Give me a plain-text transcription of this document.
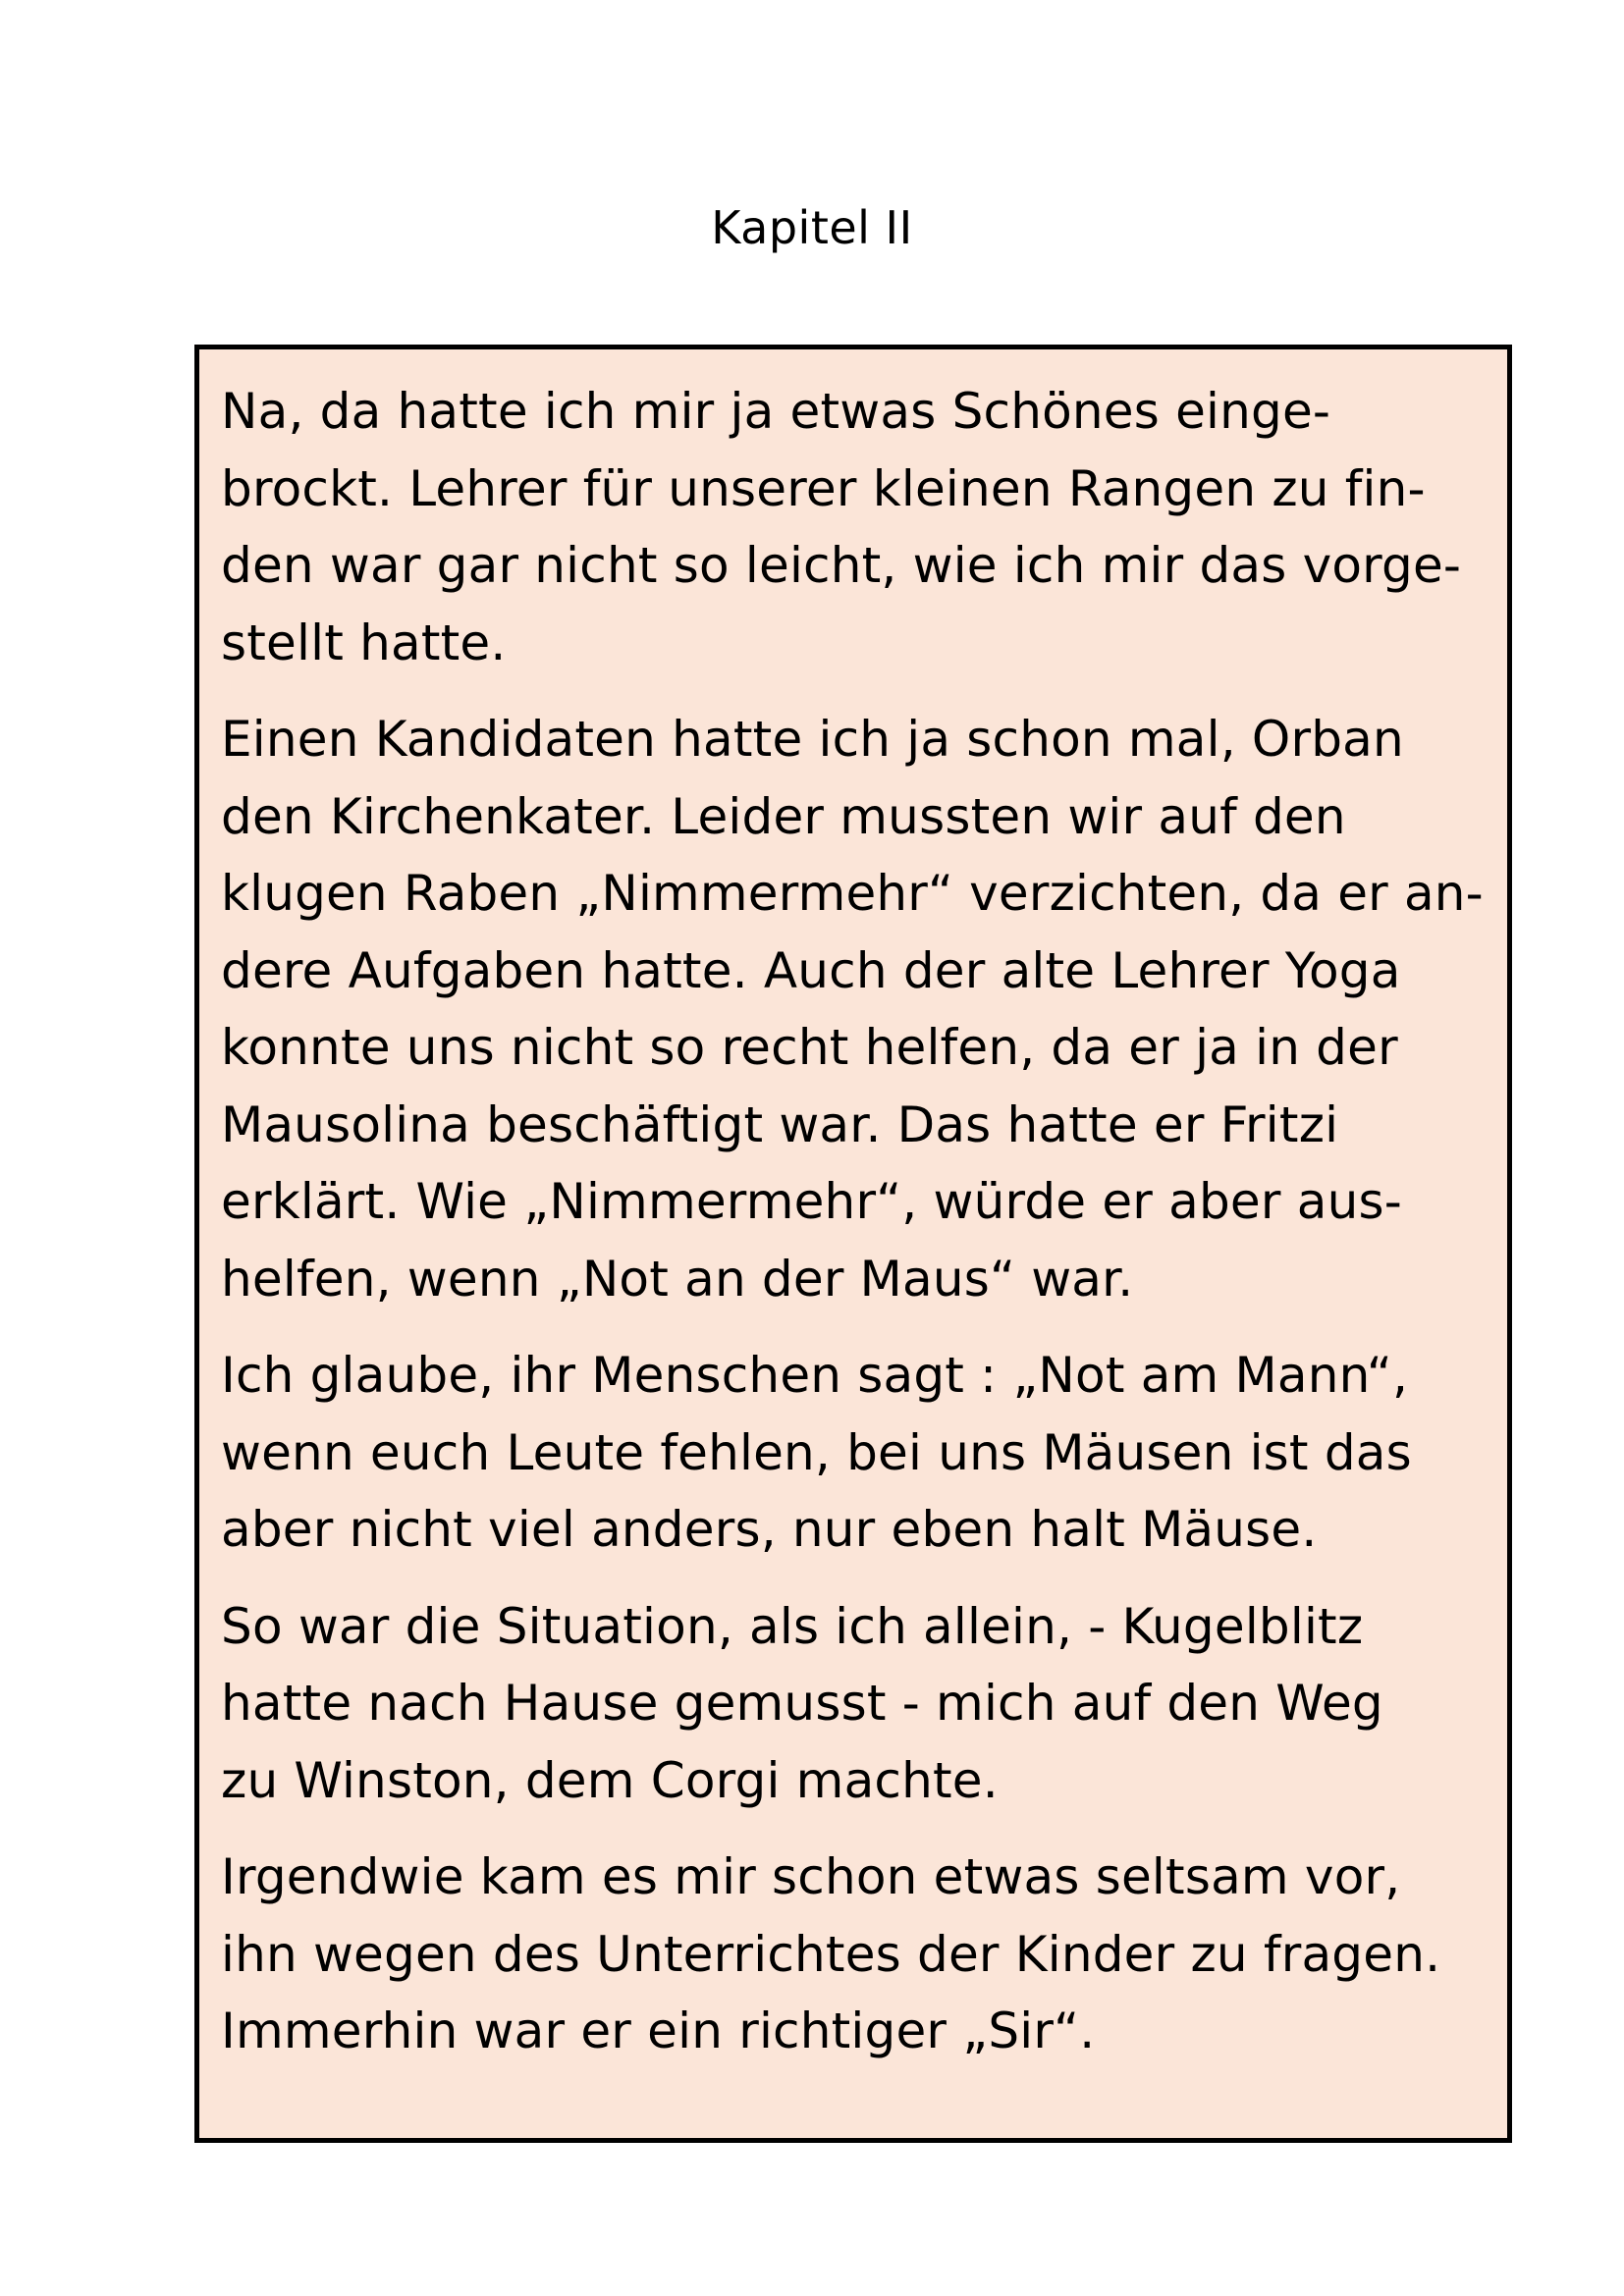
Kapitel II

Na, da hatte ich mir ja etwas Schönes einge-
brockt. Lehrer für unserer kleinen Rangen zu fin-
den war gar nicht so leicht, wie ich mir das vorge-
stellt hatte.

Einen Kandidaten hatte ich ja schon mal, Orban
den Kirchenkater. Leider mussten wir auf den
klugen Raben „Nimmermehr“ verzichten, da er an-
dere Aufgaben hatte. Auch der alte Lehrer Yoga
konnte uns nicht so recht helfen, da er ja in der
Mausolina beschäftigt war. Das hatte er Fritzi
erklärt. Wie „Nimmermehr“, würde er aber aus-
helfen, wenn „Not an der Maus“ war.

Ich glaube, ihr Menschen sagt : „Not am Mann“,
wenn euch Leute fehlen, bei uns Mäusen ist das
aber nicht viel anders, nur eben halt Mäuse.

So war die Situation, als ich allein, - Kugelblitz
hatte nach Hause gemusst - mich auf den Weg
zu Winston, dem Corgi machte.

Irgendwie kam es mir schon etwas seltsam vor,
ihn wegen des Unterrichtes der Kinder zu fragen.
Immerhin war er ein richtiger „Sir“.
